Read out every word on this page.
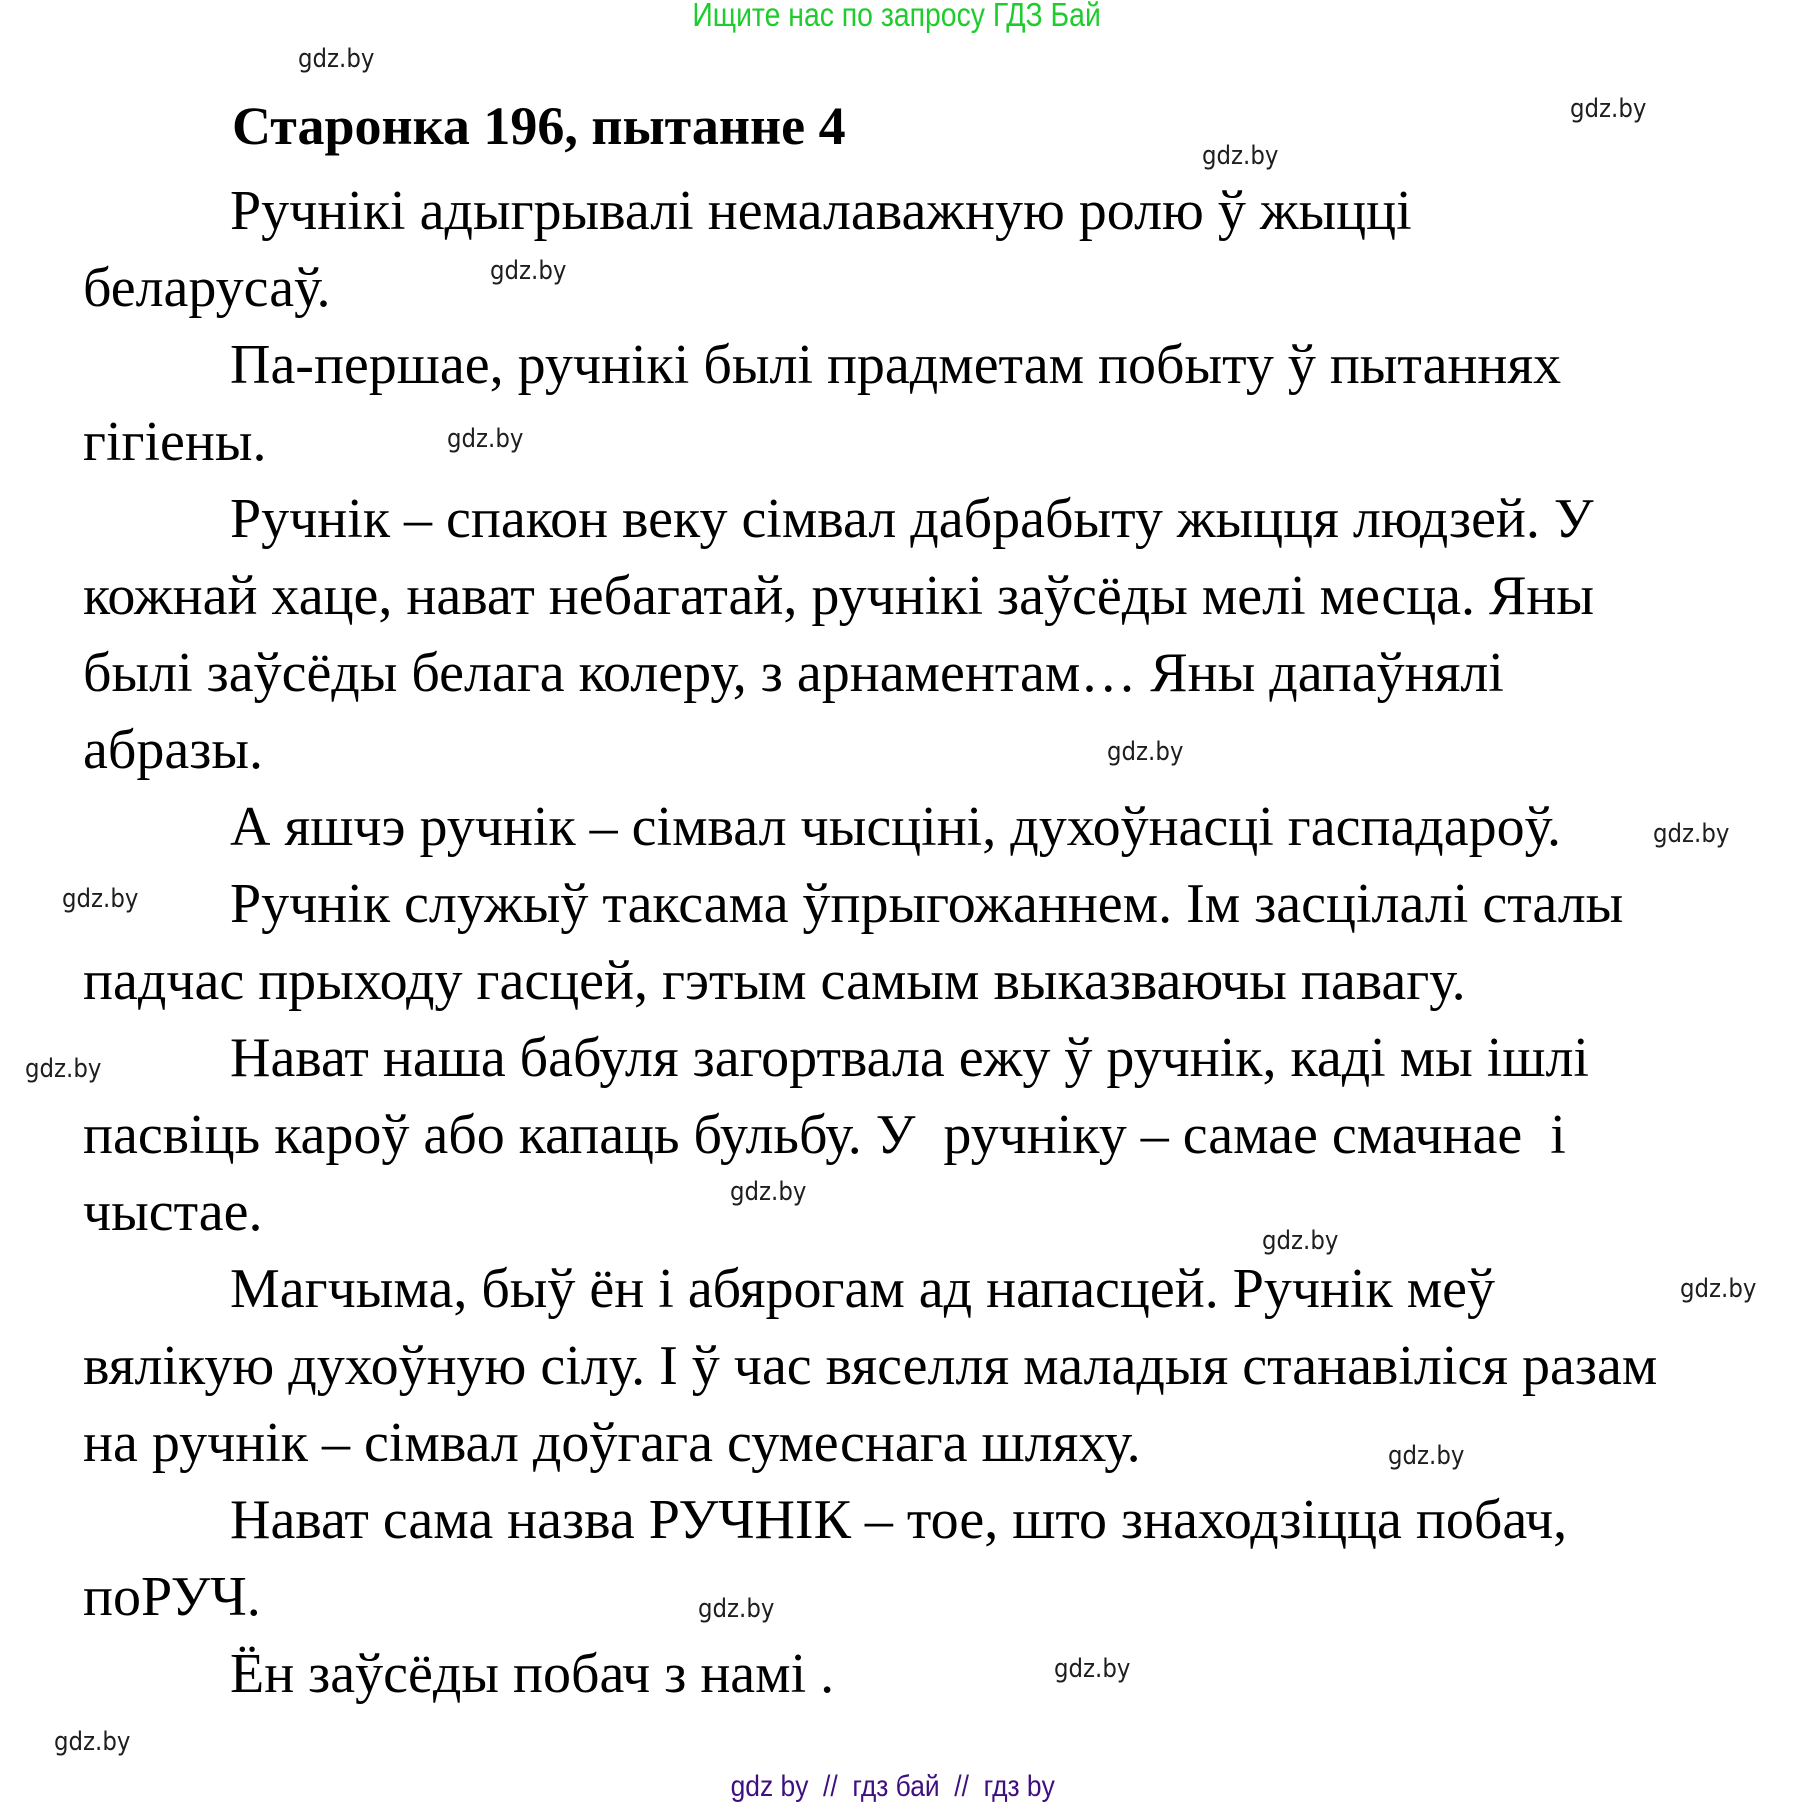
Ищите нас по запросу ГДЗ Бай
Старонка 196, пытанне 4
Ручнікі адыгрывалі немалаважную ролю ў жыцці
беларусаў.
Па-першае, ручнікі былі прадметам побыту ў пытаннях
гігіены.
Ручнік – спакон веку сімвал дабрабыту жыцця людзей. У
кожнай хаце, нават небагатай, ручнікі заўсёды мелі месца. Яны
былі заўсёды белага колеру, з арнаментам… Яны дапаўнялі
абразы.
А яшчэ ручнік – сімвал чысціні, духоўнасці гаспадароў.
Ручнік служыў таксама ўпрыгожаннем. Ім засцілалі сталы
падчас прыходу гасцей, гэтым самым выказваючы павагу.
Нават наша бабуля загортвала ежу ў ручнік, каді мы ішлі
пасвіць кароў або капаць бульбу. У  ручніку – самае смачнае  і
чыстае.
Магчыма, быў ён і абярогам ад напасцей. Ручнік меў
вялікую духоўную сілу. І ў час вяселля маладыя станавіліся разам
на ручнік – сімвал доўгага сумеснага шляху.
Нават сама назва РУЧНІК – тое, што знаходзіцца побач,
поРУЧ.
Ён заўсёды побач з намі .
gdz.by
gdz.by
gdz.by
gdz.by
gdz.by
gdz.by
gdz.by
gdz.by
gdz.by
gdz.by
gdz.by
gdz.by
gdz.by
gdz.by
gdz.by
gdz.by
gdz by  //  гдз бай  //  гдз by
